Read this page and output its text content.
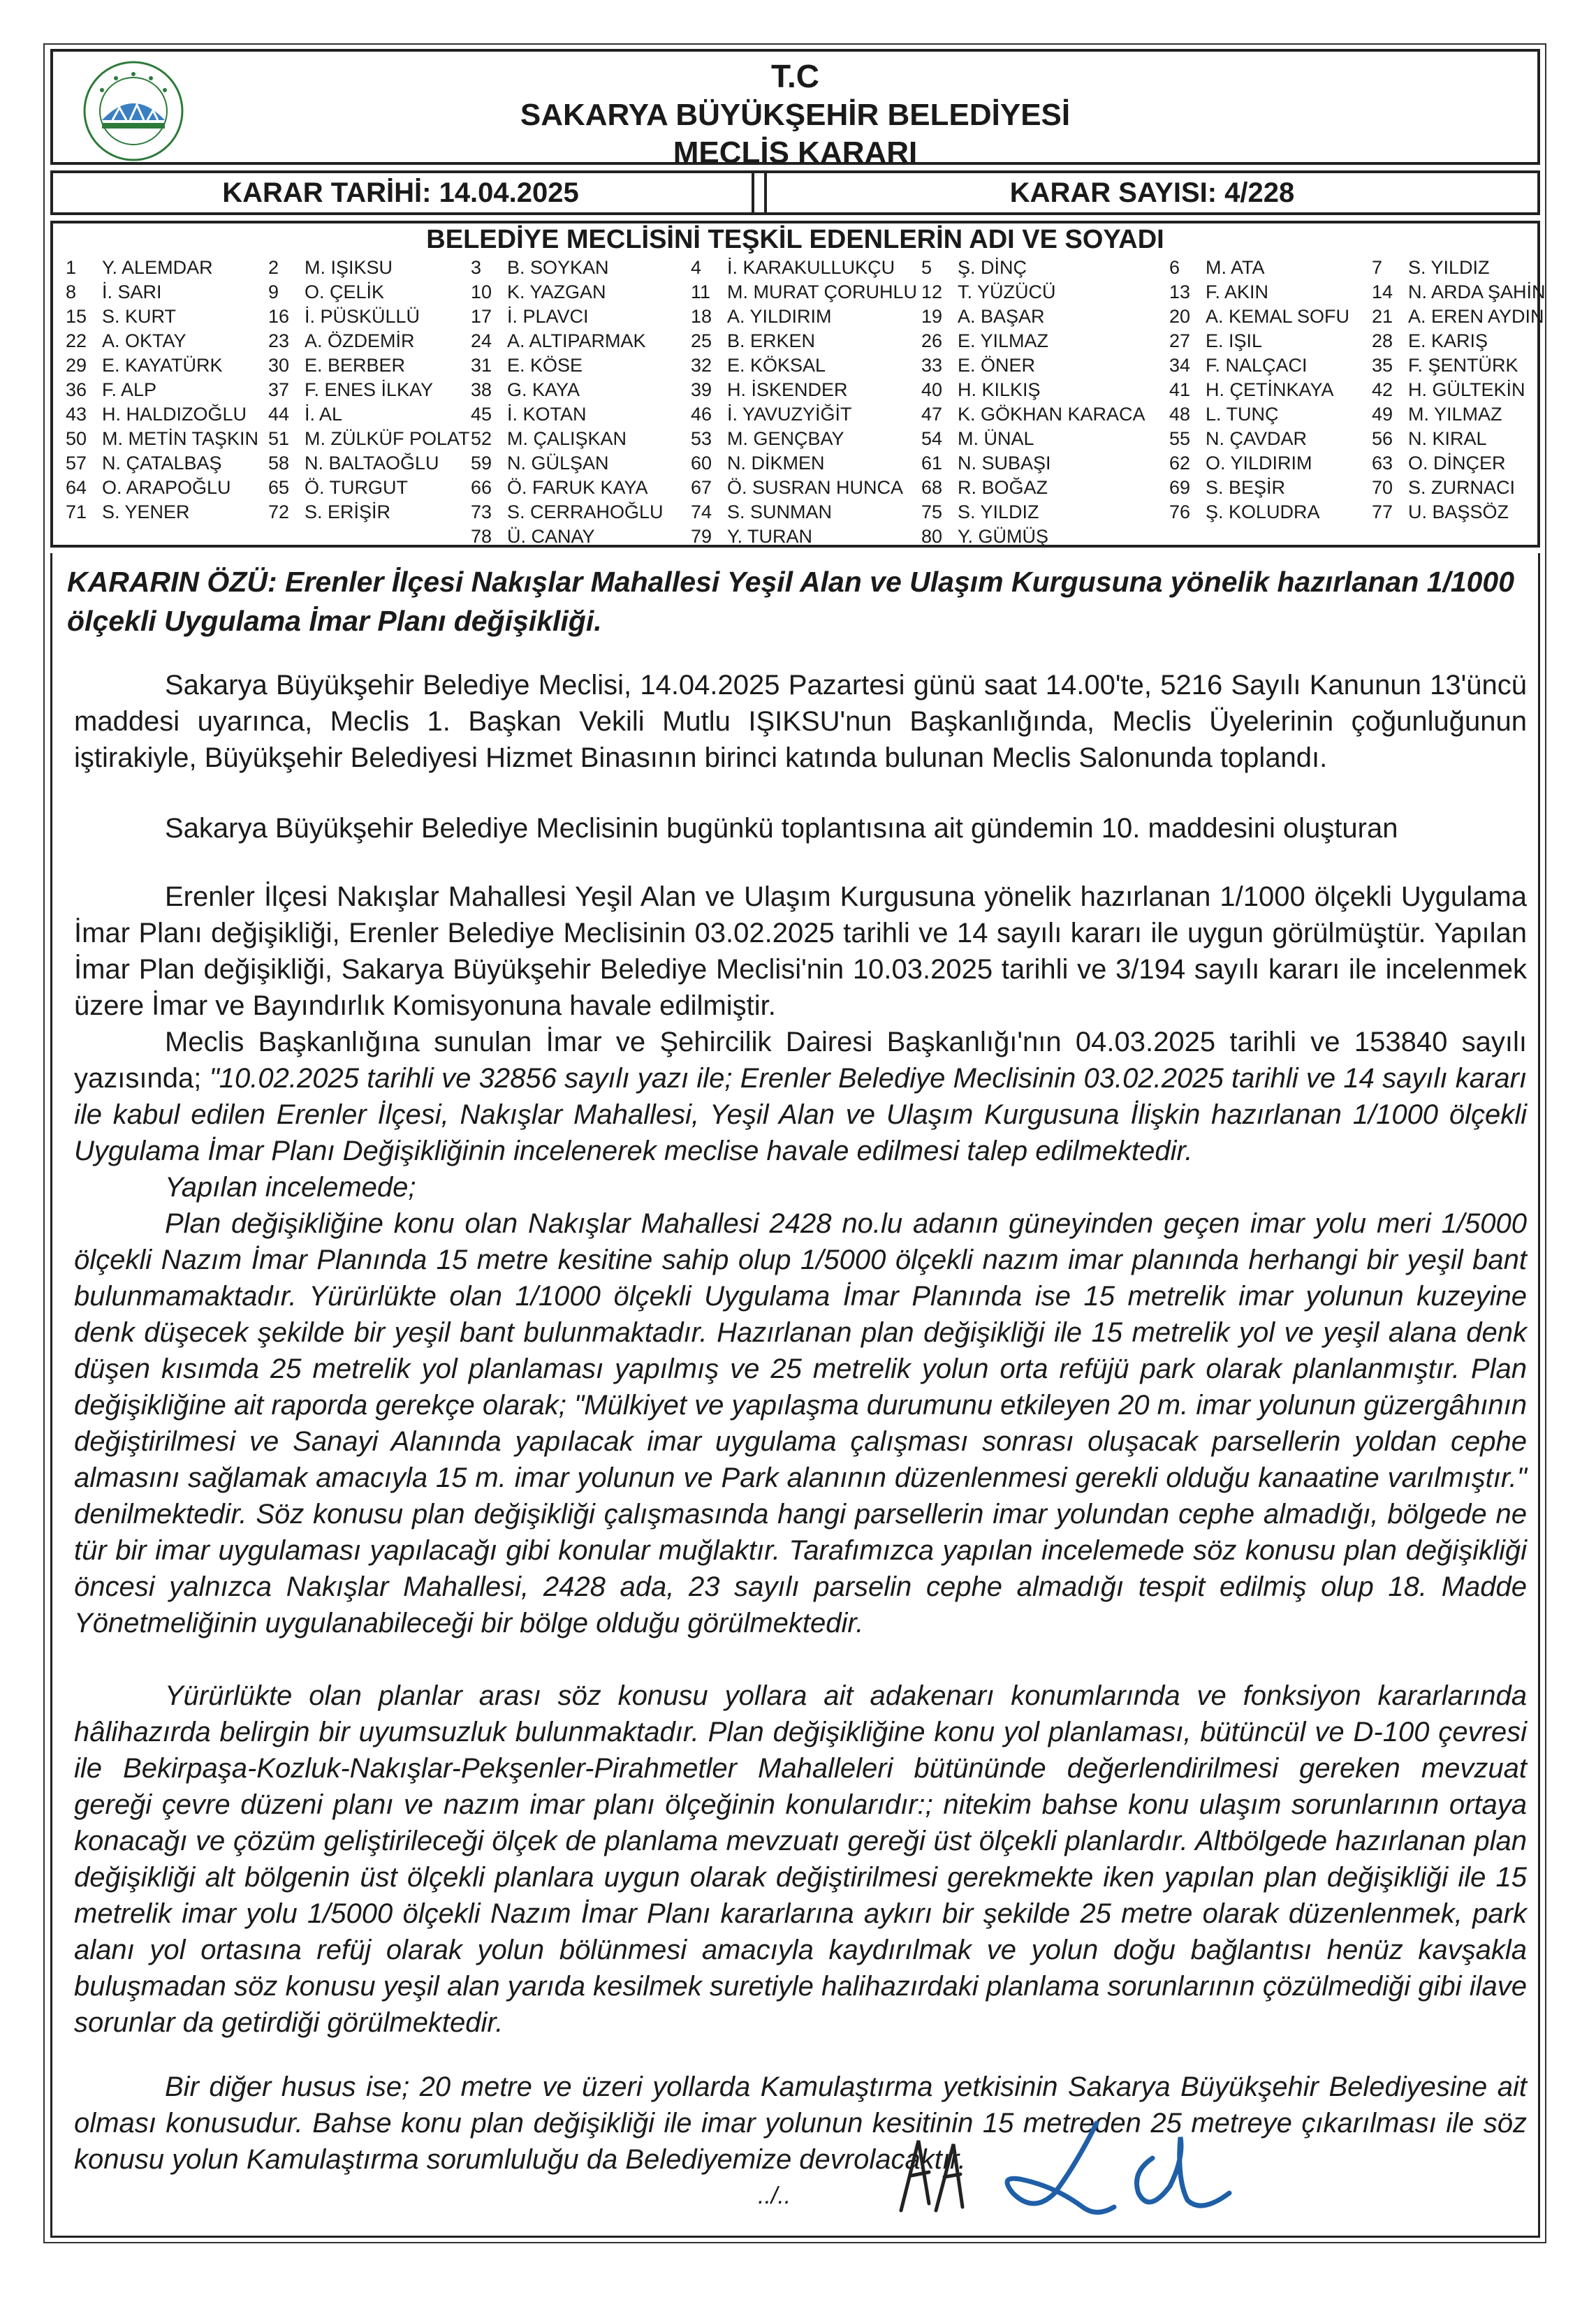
T.C
SAKARYA BÜYÜKŞEHİR BELEDİYESİ
MECLİS KARARI
KARAR TARİHİ: 14.04.2025	KARAR SAYISI: 4/228
BELEDİYE MECLİSİNİ TEŞKİL EDENLERİN ADI VE SOYADI
1 Y. ALEMDAR	2 M. IŞIKSU	3 B. SOYKAN	4 İ. KARAKULLUKÇU 5 Ş. DİNÇ	6 M. ATA	7 S. YILDIZ
8 İ. SARI	9 O. ÇELİK	10 K. YAZGAN	11 M. MURAT ÇORUHLU 12 T. YÜZÜCÜ	13 F. AKIN	14 N. ARDA ŞAHİN
15 S. KURT	16 İ. PÜSKÜLLÜ	17 İ. PLAVCI	18 A. YILDIRIM	19 A. BAŞAR	20 A. KEMAL SOFU 21 A. EREN AYDIN
22 A. OKTAY	23 A. ÖZDEMİR	24 A. ALTIPARMAK 25 B. ERKEN	26 E. YILMAZ	27 E. IŞIL	28 E. KARIŞ
29 E. KAYATÜRK 30 E. BERBER	31 E. KÖSE	32 E. KÖKSAL	33 E. ÖNER	34 F. NALÇACI	35 F. ŞENTÜRK
36 F. ALP	37 F. ENES İLKAY 38 G. KAYA	39 H. İSKENDER	40 H. KILKIŞ	41 H. ÇETİNKAYA 42 H. GÜLTEKİN
43 H. HALDIZOĞLU 44 İ. AL	45 İ. KOTAN	46 İ. YAVUZYİĞİT	47 K. GÖKHAN KARACA 48 L. TUNÇ	49 M. YILMAZ
50 M. METİN TAŞKIN 51 M. ZÜLKÜF POLAT 52 M. ÇALIŞKAN	53 M. GENÇBAY	54 M. ÜNAL	55 N. ÇAVDAR	56 N. KIRAL
57 N. ÇATALBAŞ 58 N. BALTAOĞLU 59 N. GÜLŞAN	60 N. DİKMEN	61 N. SUBAŞI	62 O. YILDIRIM	63 O. DİNÇER
64 O. ARAPOĞLU 65 Ö. TURGUT	66 Ö. FARUK KAYA 67 Ö. SUSRAN HUNCA 68 R. BOĞAZ	69 S. BEŞİR	70 S. ZURNACI
71 S. YENER	72 S. ERİŞİR	73 S. CERRAHOĞLU 74 S. SUNMAN	75 S. YILDIZ	76 Ş. KOLUDRA	77 U. BAŞSÖZ
78 Ü. CANAY	79 Y. TURAN	80 Y. GÜMÜŞ
KARARIN ÖZÜ: Erenler İlçesi Nakışlar Mahallesi Yeşil Alan ve Ulaşım Kurgusuna yönelik hazırlanan 1/1000 ölçekli Uygulama İmar Planı değişikliği.
Sakarya Büyükşehir Belediye Meclisi, 14.04.2025 Pazartesi günü saat 14.00'te, 5216 Sayılı Kanunun 13'üncü maddesi uyarınca, Meclis 1. Başkan Vekili Mutlu IŞIKSU'nun Başkanlığında, Meclis Üyelerinin çoğunluğunun iştirakiyle, Büyükşehir Belediyesi Hizmet Binasının birinci katında bulunan Meclis Salonunda toplandı.
Sakarya Büyükşehir Belediye Meclisinin bugünkü toplantısına ait gündemin 10. maddesini oluşturan
Erenler İlçesi Nakışlar Mahallesi Yeşil Alan ve Ulaşım Kurgusuna yönelik hazırlanan 1/1000 ölçekli Uygulama İmar Planı değişikliği, Erenler Belediye Meclisinin 03.02.2025 tarihli ve 14 sayılı kararı ile uygun görülmüştür. Yapılan İmar Plan değişikliği, Sakarya Büyükşehir Belediye Meclisi'nin 10.03.2025 tarihli ve 3/194 sayılı kararı ile incelenmek üzere İmar ve Bayındırlık Komisyonuna havale edilmiştir.
Meclis Başkanlığına sunulan İmar ve Şehircilik Dairesi Başkanlığı'nın 04.03.2025 tarihli ve 153840 sayılı yazısında; "10.02.2025 tarihli ve 32856 sayılı yazı ile; Erenler Belediye Meclisinin 03.02.2025 tarihli ve 14 sayılı kararı ile kabul edilen Erenler İlçesi, Nakışlar Mahallesi, Yeşil Alan ve Ulaşım Kurgusuna İlişkin hazırlanan 1/1000 ölçekli Uygulama İmar Planı Değişikliğinin incelenerek meclise havale edilmesi talep edilmektedir.
Yapılan incelemede;
Plan değişikliğine konu olan Nakışlar Mahallesi 2428 no.lu adanın güneyinden geçen imar yolu meri 1/5000 ölçekli Nazım İmar Planında 15 metre kesitine sahip olup 1/5000 ölçekli nazım imar planında herhangi bir yeşil bant bulunmamaktadır. Yürürlükte olan 1/1000 ölçekli Uygulama İmar Planında ise 15 metrelik imar yolunun kuzeyine denk düşecek şekilde bir yeşil bant bulunmaktadır. Hazırlanan plan değişikliği ile 15 metrelik yol ve yeşil alana denk düşen kısımda 25 metrelik yol planlaması yapılmış ve 25 metrelik yolun orta refüjü park olarak planlanmıştır. Plan değişikliğine ait raporda gerekçe olarak; "Mülkiyet ve yapılaşma durumunu etkileyen 20 m. imar yolunun güzergâhının değiştirilmesi ve Sanayi Alanında yapılacak imar uygulama çalışması sonrası oluşacak parsellerin yoldan cephe almasını sağlamak amacıyla 15 m. imar yolunun ve Park alanının düzenlenmesi gerekli olduğu kanaatine varılmıştır." denilmektedir. Söz konusu plan değişikliği çalışmasında hangi parsellerin imar yolundan cephe almadığı, bölgede ne tür bir imar uygulaması yapılacağı gibi konular muğlaktır. Tarafımızca yapılan incelemede söz konusu plan değişikliği öncesi yalnızca Nakışlar Mahallesi, 2428 ada, 23 sayılı parselin cephe almadığı tespit edilmiş olup 18. Madde Yönetmeliğinin uygulanabileceği bir bölge olduğu görülmektedir.
Yürürlükte olan planlar arası söz konusu yollara ait adakenarı konumlarında ve fonksiyon kararlarında hâlihazırda belirgin bir uyumsuzluk bulunmaktadır. Plan değişikliğine konu yol planlaması, bütüncül ve D-100 çevresi ile Bekirpaşa-Kozluk-Nakışlar-Pekşenler-Pirahmetler Mahalleleri bütününde değerlendirilmesi gereken mevzuat gereği çevre düzeni planı ve nazım imar planı ölçeğinin konularıdır:; nitekim bahse konu ulaşım sorunlarının ortaya konacağı ve çözüm geliştirileceği ölçek de planlama mevzuatı gereği üst ölçekli planlardır. Altbölgede hazırlanan plan değişikliği alt bölgenin üst ölçekli planlara uygun olarak değiştirilmesi gerekmekte iken yapılan plan değişikliği ile 15 metrelik imar yolu 1/5000 ölçekli Nazım İmar Planı kararlarına aykırı bir şekilde 25 metre olarak düzenlenmek, park alanı yol ortasına refüj olarak yolun bölünmesi amacıyla kaydırılmak ve yolun doğu bağlantısı henüz kavşakla buluşmadan söz konusu yeşil alan yarıda kesilmek suretiyle halihazırdaki planlama sorunlarının çözülmediği gibi ilave sorunlar da getirdiği görülmektedir.
Bir diğer husus ise; 20 metre ve üzeri yollarda Kamulaştırma yetkisinin Sakarya Büyükşehir Belediyesine ait olması konusudur. Bahse konu plan değişikliği ile imar yolunun kesitinin 15 metreden 25 metreye çıkarılması ile söz konusu yolun Kamulaştırma sorumluluğu da Belediyemize devrolacaktır.
../..
